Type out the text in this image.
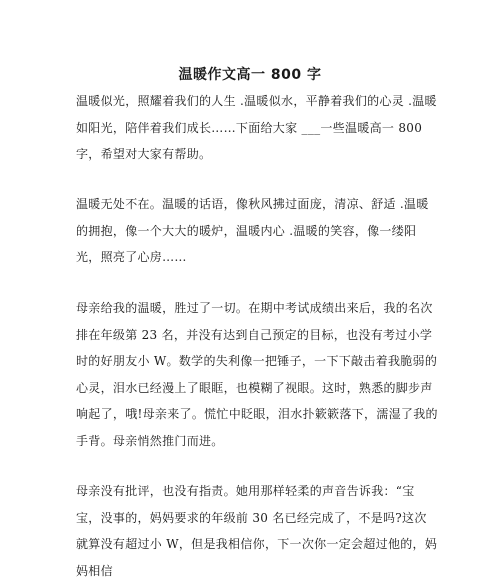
温暖作文高一 800 字

温暖似光，照耀着我们的人生 .温暖似水，平静着我们的心灵 .温暖如阳光，陪伴着我们成长……下面给大家 ___一些温暖高一 800 字，希望对大家有帮助。

温暖无处不在。温暖的话语，像秋风拂过面庞，清凉、舒适 .温暖的拥抱，像一个大大的暖炉，温暖内心 .温暖的笑容，像一缕阳光，照亮了心房……

母亲给我的温暖，胜过了一切。在期中考试成绩出来后，我的名次排在年级第 23 名，并没有达到自己预定的目标，也没有考过小学时的好朋友小 W。数学的失利像一把锤子，一下下敲击着我脆弱的心灵，泪水已经漫上了眼眶，也模糊了视眼。这时，熟悉的脚步声响起了，哦!母亲来了。慌忙中眨眼，泪水扑簌簌落下，濡湿了我的手背。母亲悄然推门而进。

母亲没有批评，也没有指责。她用那样轻柔的声音告诉我：“宝宝，没事的，妈妈要求的年级前 30 名已经完成了，不是吗?这次就算没有超过小 W，但是我相信你，下一次你一定会超过他的，妈妈相信
